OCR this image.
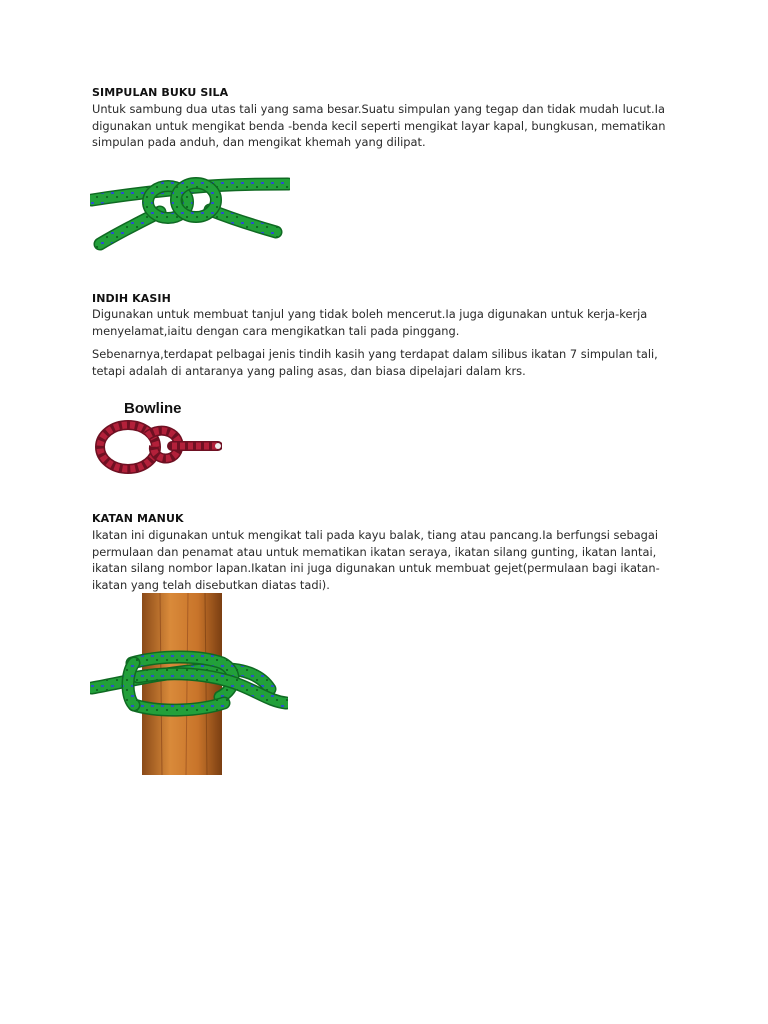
SIMPULAN BUKU SILA
Untuk sambung dua utas tali yang sama besar.Suatu simpulan yang tegap dan tidak mudah lucut.Ia
digunakan untuk mengikat benda -benda kecil seperti mengikat layar kapal, bungkusan, mematikan
simpulan pada anduh, dan mengikat khemah yang dilipat.
INDIH KASIH
Digunakan untuk membuat tanjul yang tidak boleh mencerut.Ia juga digunakan untuk kerja-kerja
menyelamat,iaitu dengan cara mengikatkan tali pada pinggang.
Sebenarnya,terdapat pelbagai jenis tindih kasih yang terdapat dalam silibus ikatan 7 simpulan tali,
tetapi adalah di antaranya yang paling asas, dan biasa dipelajari dalam krs.
Bowline
KATAN MANUK
Ikatan ini digunakan untuk mengikat tali pada kayu balak, tiang atau pancang.Ia berfungsi sebagai
permulaan dan penamat atau untuk mematikan ikatan seraya, ikatan silang gunting, ikatan lantai,
ikatan silang nombor lapan.Ikatan ini juga digunakan untuk membuat gejet(permulaan bagi ikatan-
ikatan yang telah disebutkan diatas tadi).
